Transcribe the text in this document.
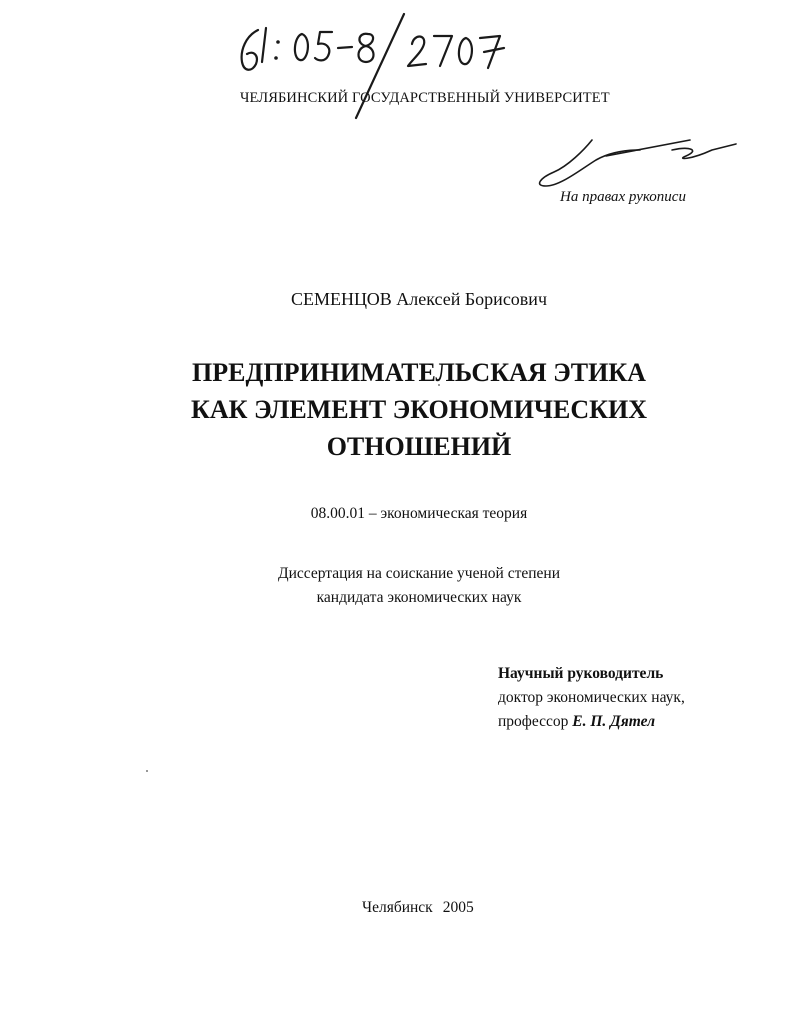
ЧЕЛЯБИНСКИЙ ГОСУДАРСТВЕННЫЙ УНИВЕРСИТЕТ
На правах рукописи
СЕМЕНЦОВ Алексей Борисович
ПРЕДПРИНИМАТЕЛЬСКАЯ ЭТИКА
КАК ЭЛЕМЕНТ ЭКОНОМИЧЕСКИХ
ОТНОШЕНИЙ
08.00.01 – экономическая теория
Диссертация на соискание ученой степени
кандидата экономических наук
Научный руководитель
доктор экономических наук,
профессор Е. П. Дятел
Челябинск 2005
